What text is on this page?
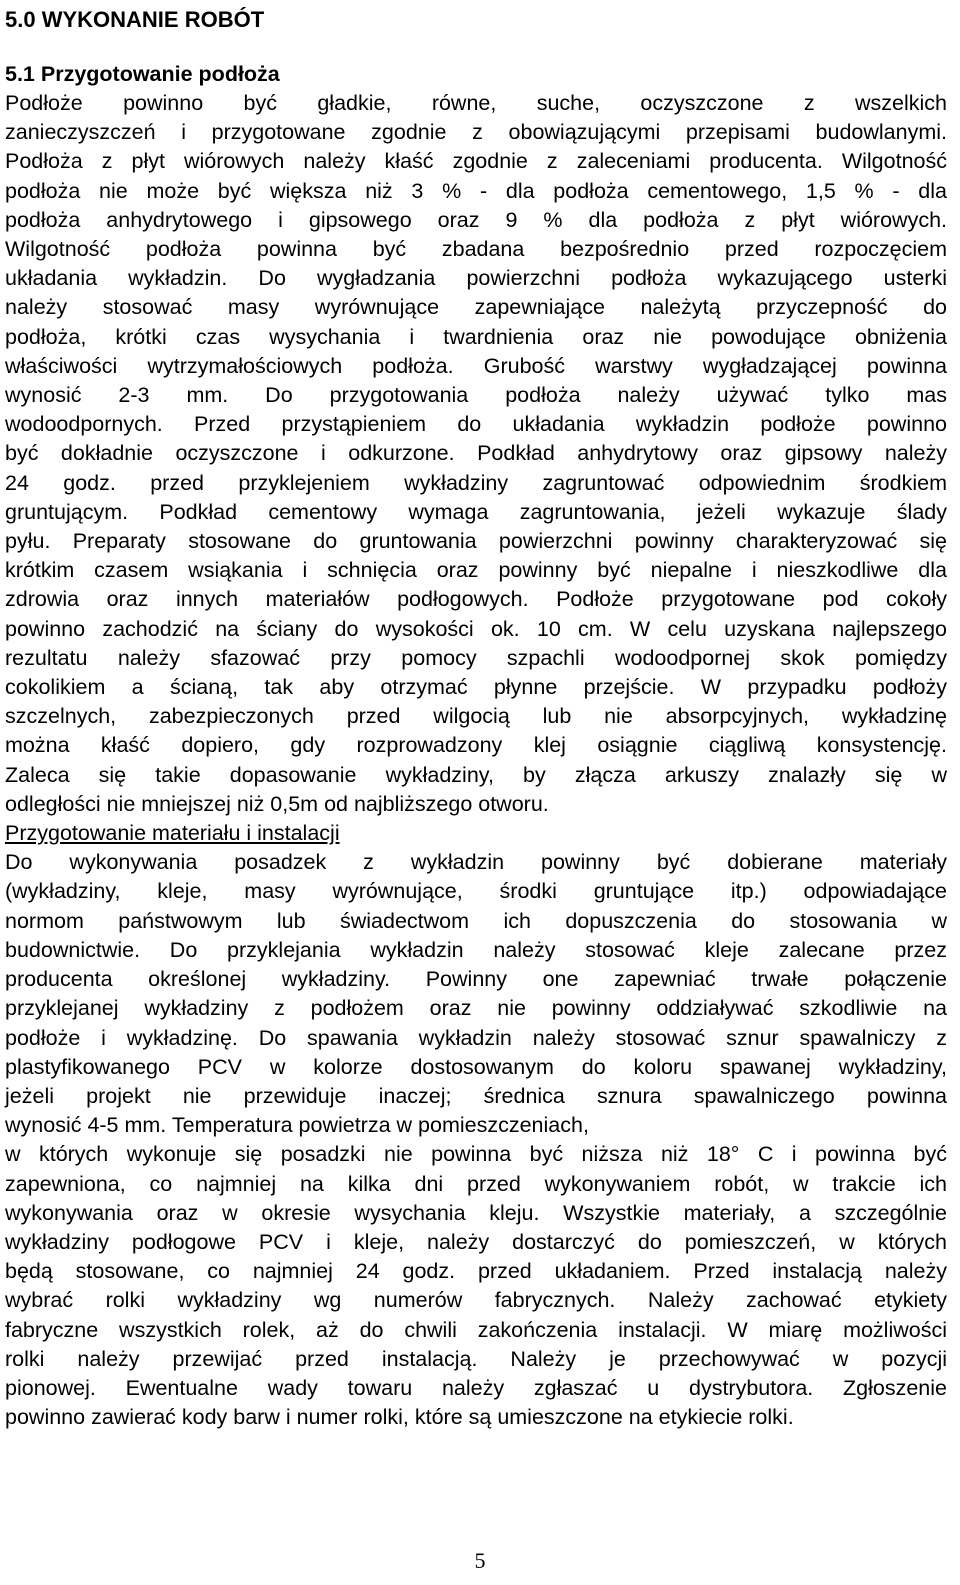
5.0 WYKONANIE ROBÓT
5.1 Przygotowanie podłoża
Podłoże powinno być gładkie, równe, suche, oczyszczone z wszelkich
zanieczyszczeń i przygotowane zgodnie z obowiązującymi przepisami budowlanymi.
Podłoża z płyt wiórowych należy kłaść zgodnie z zaleceniami producenta. Wilgotność
podłoża nie może być większa niż 3 % - dla podłoża cementowego, 1,5 % - dla
podłoża anhydrytowego i gipsowego oraz 9 % dla podłoża z płyt wiórowych.
Wilgotność podłoża powinna być zbadana bezpośrednio przed rozpoczęciem
układania wykładzin. Do wygładzania powierzchni podłoża wykazującego usterki
należy stosować masy wyrównujące zapewniające należytą przyczepność do
podłoża, krótki czas wysychania i twardnienia oraz nie powodujące obniżenia
właściwości wytrzymałościowych podłoża. Grubość warstwy wygładzającej powinna
wynosić 2-3 mm. Do przygotowania podłoża należy używać tylko mas
wodoodpornych. Przed przystąpieniem do układania wykładzin podłoże powinno
być dokładnie oczyszczone i odkurzone. Podkład anhydrytowy oraz gipsowy należy
24 godz. przed przyklejeniem wykładziny zagruntować odpowiednim środkiem
gruntującym. Podkład cementowy wymaga zagruntowania, jeżeli wykazuje ślady
pyłu. Preparaty stosowane do gruntowania powierzchni powinny charakteryzować się
krótkim czasem wsiąkania i schnięcia oraz powinny być niepalne i nieszkodliwe dla
zdrowia oraz innych materiałów podłogowych. Podłoże przygotowane pod cokoły
powinno zachodzić na ściany do wysokości ok. 10 cm. W celu uzyskana najlepszego
rezultatu należy sfazować przy pomocy szpachli wodoodpornej skok pomiędzy
cokolikiem a ścianą, tak aby otrzymać płynne przejście. W przypadku podłoży
szczelnych, zabezpieczonych przed wilgocią lub nie absorpcyjnych, wykładzinę
można kłaść dopiero, gdy rozprowadzony klej osiągnie ciągliwą konsystencję.
Zaleca się takie dopasowanie wykładziny, by złącza arkuszy znalazły się w
odległości nie mniejszej niż 0,5m od najbliższego otworu.
Przygotowanie materiału i instalacji
Do wykonywania posadzek z wykładzin powinny być dobierane materiały
(wykładziny, kleje, masy wyrównujące, środki gruntujące itp.) odpowiadające
normom państwowym lub świadectwom ich dopuszczenia do stosowania w
budownictwie. Do przyklejania wykładzin należy stosować kleje zalecane przez
producenta określonej wykładziny. Powinny one zapewniać trwałe połączenie
przyklejanej wykładziny z podłożem oraz nie powinny oddziaływać szkodliwie na
podłoże i wykładzinę. Do spawania wykładzin należy stosować sznur spawalniczy z
plastyfikowanego PCV w kolorze dostosowanym do koloru spawanej wykładziny,
jeżeli projekt nie przewiduje inaczej; średnica sznura spawalniczego powinna
wynosić 4-5 mm. Temperatura powietrza w pomieszczeniach,
w których wykonuje się posadzki nie powinna być niższa niż 18° C i powinna być
zapewniona, co najmniej na kilka dni przed wykonywaniem robót, w trakcie ich
wykonywania oraz w okresie wysychania kleju. Wszystkie materiały, a szczególnie
wykładziny podłogowe PCV i kleje, należy dostarczyć do pomieszczeń, w których
będą stosowane, co najmniej 24 godz. przed układaniem. Przed instalacją należy
wybrać rolki wykładziny wg numerów fabrycznych. Należy zachować etykiety
fabryczne wszystkich rolek, aż do chwili zakończenia instalacji. W miarę możliwości
rolki należy przewijać przed instalacją. Należy je przechowywać w pozycji
pionowej. Ewentualne wady towaru należy zgłaszać u dystrybutora. Zgłoszenie
powinno zawierać kody barw i numer rolki, które są umieszczone na etykiecie rolki.
5
